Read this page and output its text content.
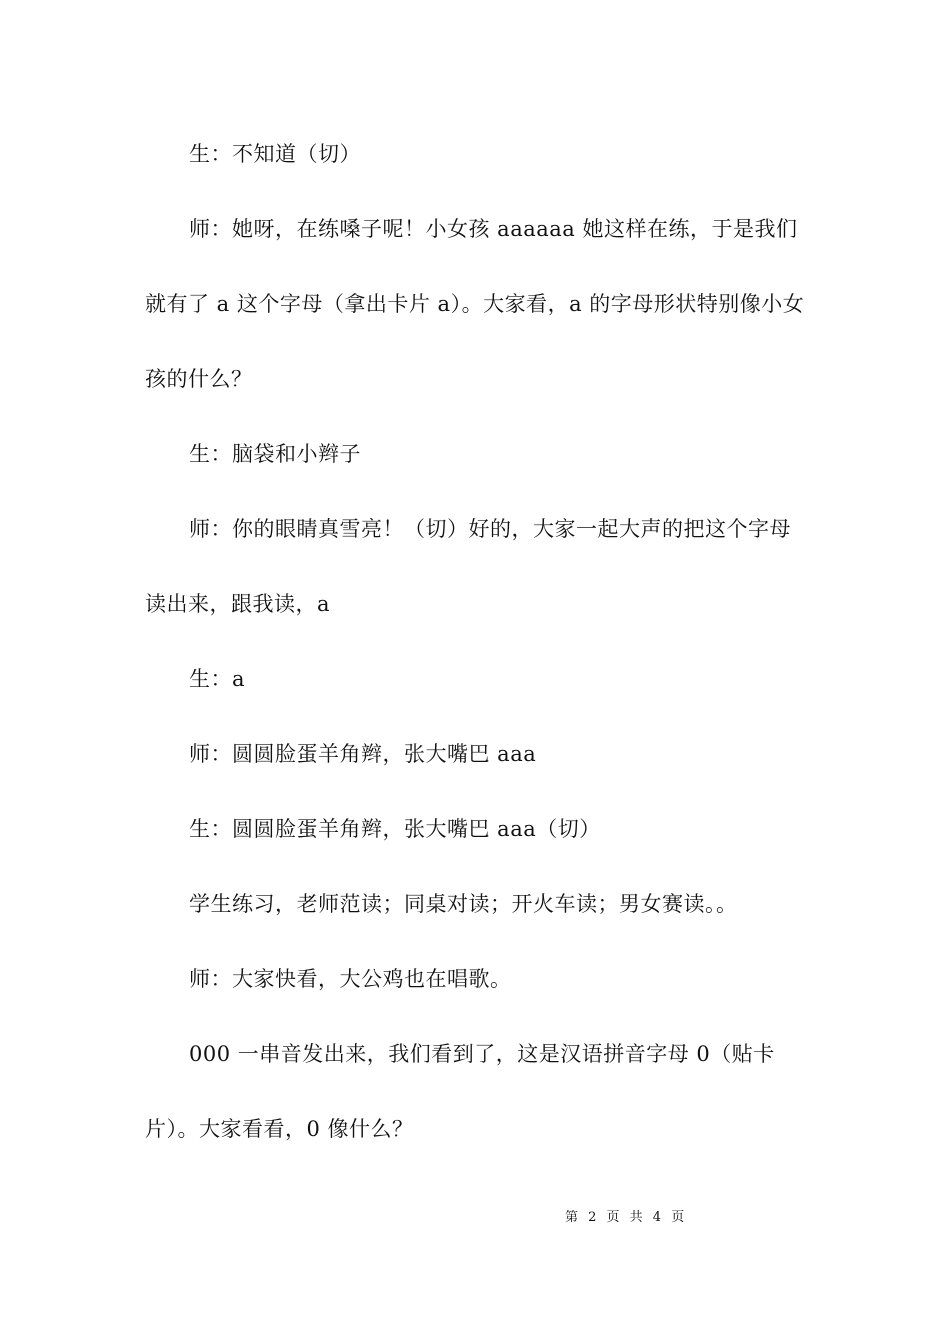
生：不知道（切）

师：她呀，在练嗓子呢！小女孩 aaaaaa 她这样在练，于是我们就有了 a 这个字母（拿出卡片 a）。大家看，a 的字母形状特别像小女孩的什么？

生：脑袋和小辫子

师：你的眼睛真雪亮！（切）好的，大家一起大声的把这个字母读出来，跟我读，a

生：a

师：圆圆脸蛋羊角辫，张大嘴巴 aaa

生：圆圆脸蛋羊角辫，张大嘴巴 aaa（切）

学生练习，老师范读；同桌对读；开火车读；男女赛读。。

师：大家快看，大公鸡也在唱歌。

000 一串音发出来，我们看到了，这是汉语拼音字母 0（贴卡片）。大家看看，0 像什么？

第 2 页 共 4 页
